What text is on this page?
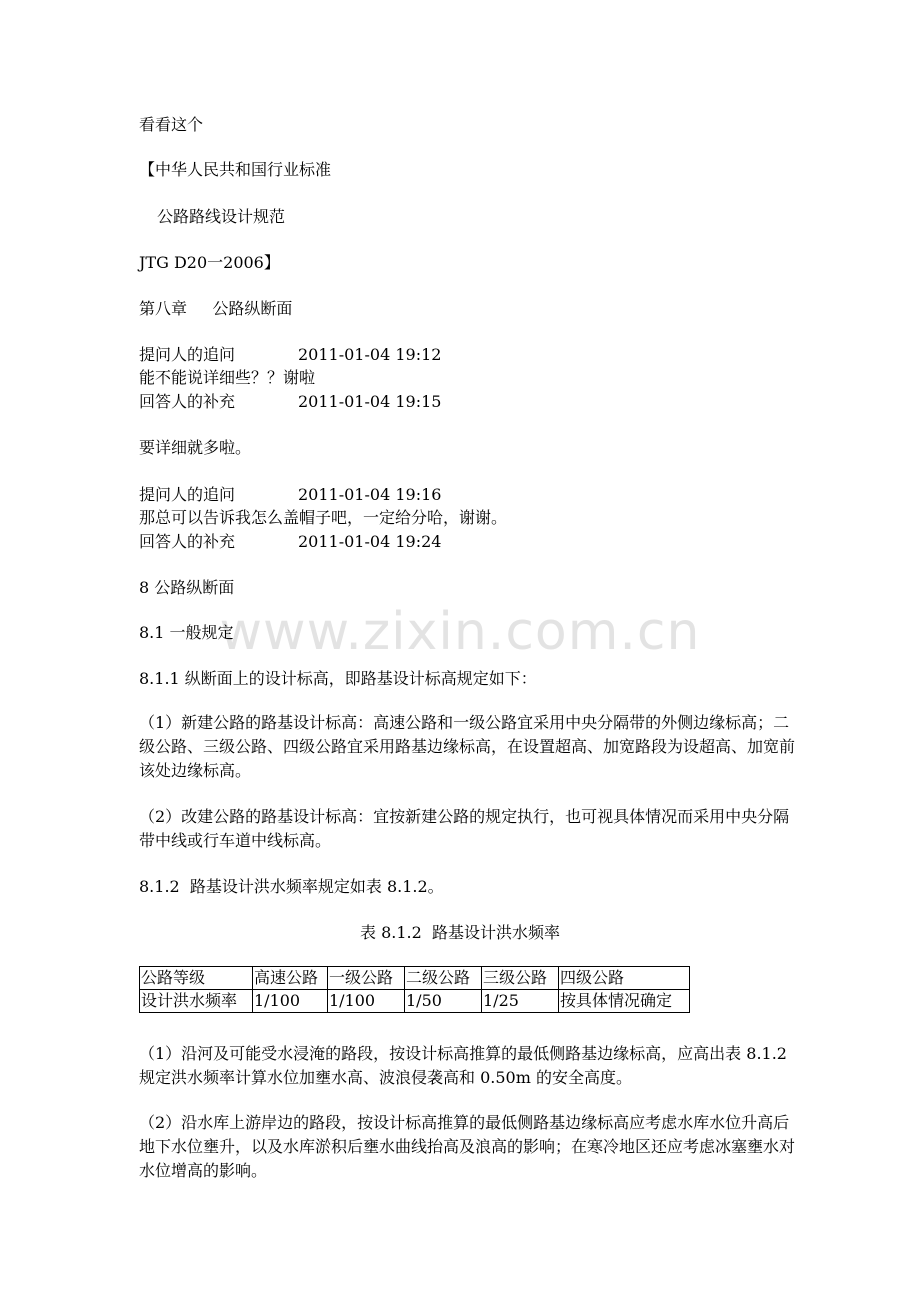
www.zixin.com.cn
看看这个
【中华人民共和国行业标准
公路路线设计规范
JTG D20一2006】
第八章     公路纵断面
提问人的追问	2011-01-04 19:12
能不能说详细些？？谢啦
回答人的补充	2011-01-04 19:15
要详细就多啦。
提问人的追问	2011-01-04 19:16
那总可以告诉我怎么盖帽子吧，一定给分哈，谢谢。
回答人的补充	2011-01-04 19:24
8 公路纵断面
8.1 一般规定
8.1.1 纵断面上的设计标高，即路基设计标高规定如下：
（1）新建公路的路基设计标高：高速公路和一级公路宜采用中央分隔带的外侧边缘标高；二级公路、三级公路、四级公路宜采用路基边缘标高，在设置超高、加宽路段为设超高、加宽前该处边缘标高。
（2）改建公路的路基设计标高：宜按新建公路的规定执行，也可视具体情况而采用中央分隔带中线或行车道中线标高。
8.1.2  路基设计洪水频率规定如表 8.1.2。
表 8.1.2  路基设计洪水频率
公路等级	高速公路	一级公路	二级公路	三级公路	四级公路
设计洪水频率	1/100	1/100	1/50	1/25	按具体情况确定
（1）沿河及可能受水浸淹的路段，按设计标高推算的最低侧路基边缘标高，应高出表 8.1.2 规定洪水频率计算水位加壅水高、波浪侵袭高和 0.50m 的安全高度。
（2）沿水库上游岸边的路段，按设计标高推算的最低侧路基边缘标高应考虑水库水位升高后地下水位壅升，以及水库淤积后壅水曲线抬高及浪高的影响；在寒冷地区还应考虑冰塞壅水对水位增高的影响。
